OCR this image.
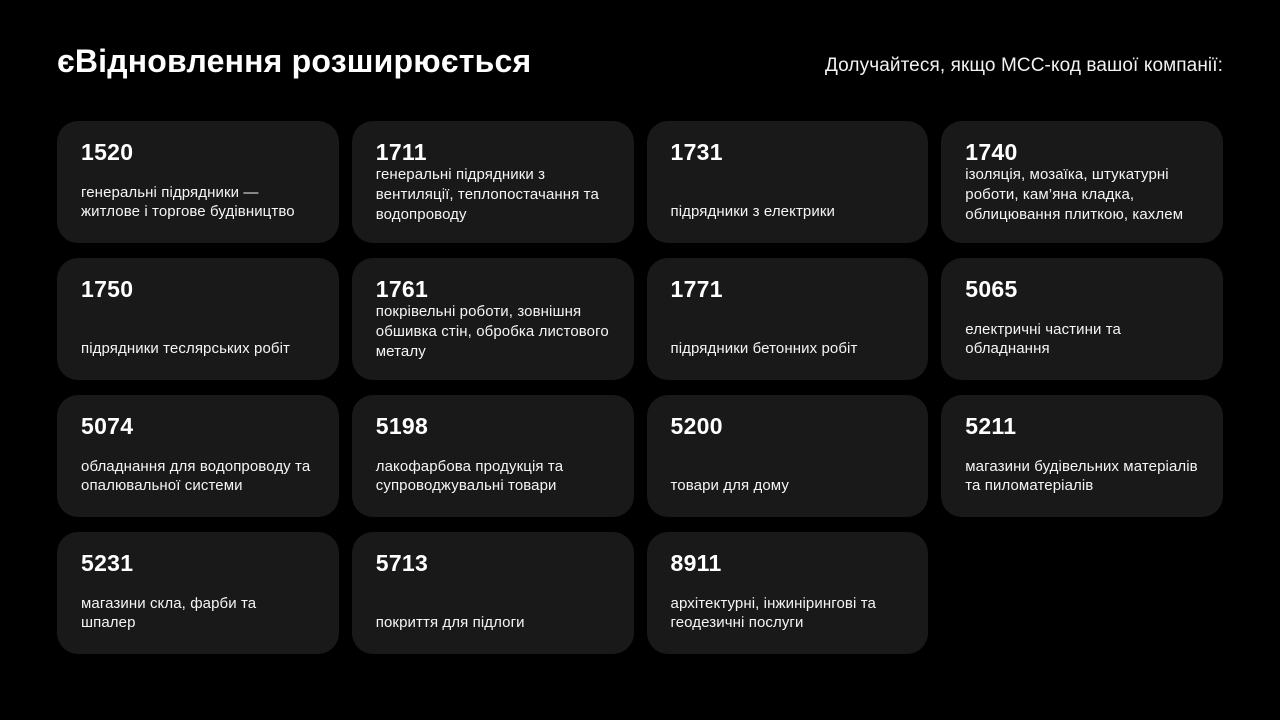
єВідновлення розширюється	Долучайтеся, якщо MCC-код вашої компанії:
1520
генеральні підрядники — житлове і торгове будівництво
1711
генеральні підрядники з вентиляції, теплопостачання та водопроводу
1731
підрядники з електрики
1740
ізоляція, мозаїка, штукатурні роботи, кам’яна кладка, облицювання плиткою, кахлем
1750
підрядники теслярських робіт
1761
покрівельні роботи, зовнішня обшивка стін, обробка листового металу
1771
підрядники бетонних робіт
5065
електричні частини та обладнання
5074
обладнання для водопроводу та опалювальної системи
5198
лакофарбова продукція та супроводжувальні товари
5200
товари для дому
5211
магазини будівельних матеріалів та пиломатеріалів
5231
магазини скла, фарби та шпалер
5713
покриття для підлоги
8911
архітектурні, інжинірингові та геодезичні послуги
